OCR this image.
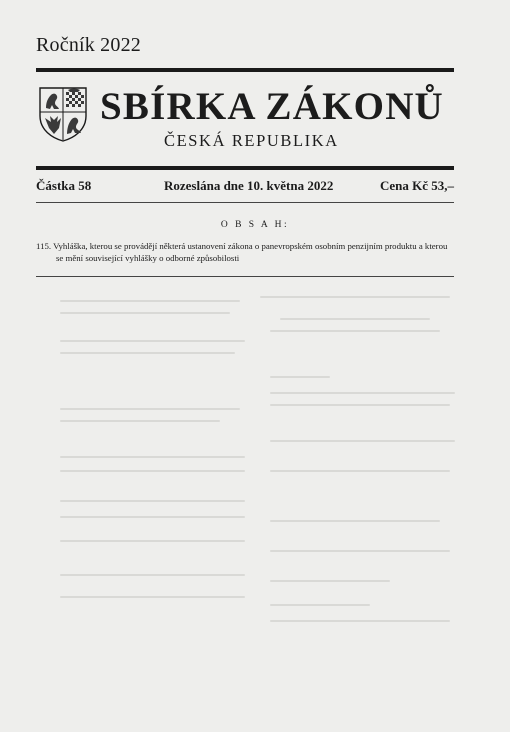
Ročník 2022
SBÍRKA ZÁKONŮ
ČESKÁ REPUBLIKA
Částka 58	Rozeslána dne 10. května 2022	Cena Kč 53,–
O B S A H:
115. Vyhláška, kterou se provádějí některá ustanovení zákona o panevropském osobním penzijním produktu a kterou
se mění související vyhlášky o odborné způsobilosti
